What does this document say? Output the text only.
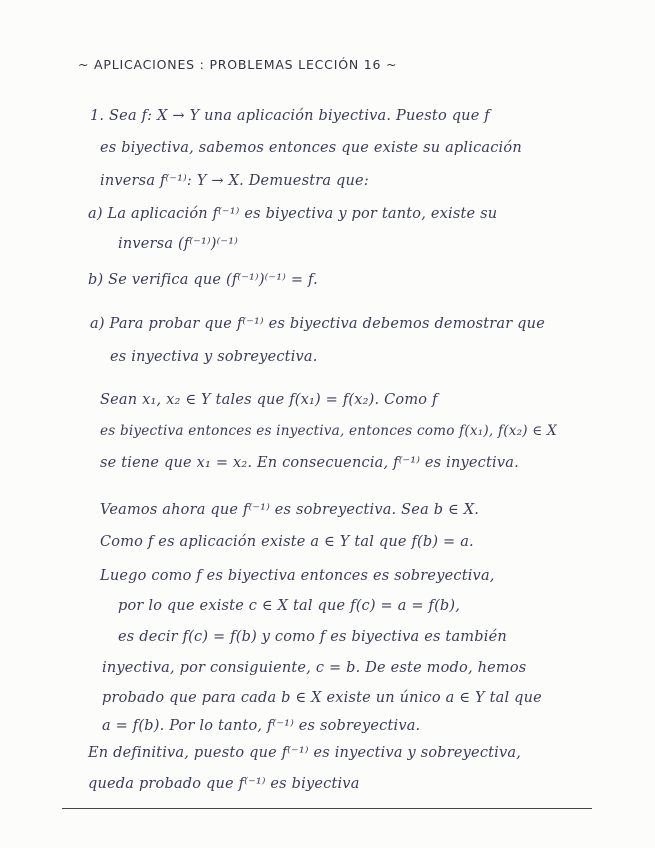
~ APLICACIONES : PROBLEMAS LECCIÓN 16 ~
1. Sea f: X → Y una aplicación biyectiva. Puesto que f
es biyectiva, sabemos entonces que existe su aplicación
inversa f⁽⁻¹⁾: Y → X. Demuestra que:
a) La aplicación f⁽⁻¹⁾ es biyectiva y por tanto, existe su
inversa (f⁽⁻¹⁾)⁽⁻¹⁾
b) Se verifica que (f⁽⁻¹⁾)⁽⁻¹⁾ = f.
a) Para probar que f⁽⁻¹⁾ es biyectiva debemos demostrar que
es inyectiva y sobreyectiva.
Sean x₁, x₂ ∈ Y tales que f(x₁) = f(x₂). Como f
es biyectiva entonces es inyectiva, entonces como f(x₁), f(x₂) ∈ X
se tiene que x₁ = x₂. En consecuencia, f⁽⁻¹⁾ es inyectiva.
Veamos ahora que f⁽⁻¹⁾ es sobreyectiva. Sea b ∈ X.
Como f es aplicación existe a ∈ Y tal que f(b) = a.
Luego como f es biyectiva entonces es sobreyectiva,
por lo que existe c ∈ X tal que f(c) = a = f(b),
es decir f(c) = f(b) y como f es biyectiva es también
inyectiva, por consiguiente, c = b. De este modo, hemos
probado que para cada b ∈ X existe un único a ∈ Y tal que
a = f(b). Por lo tanto, f⁽⁻¹⁾ es sobreyectiva.
En definitiva, puesto que f⁽⁻¹⁾ es inyectiva y sobreyectiva,
queda probado que f⁽⁻¹⁾ es biyectiva
